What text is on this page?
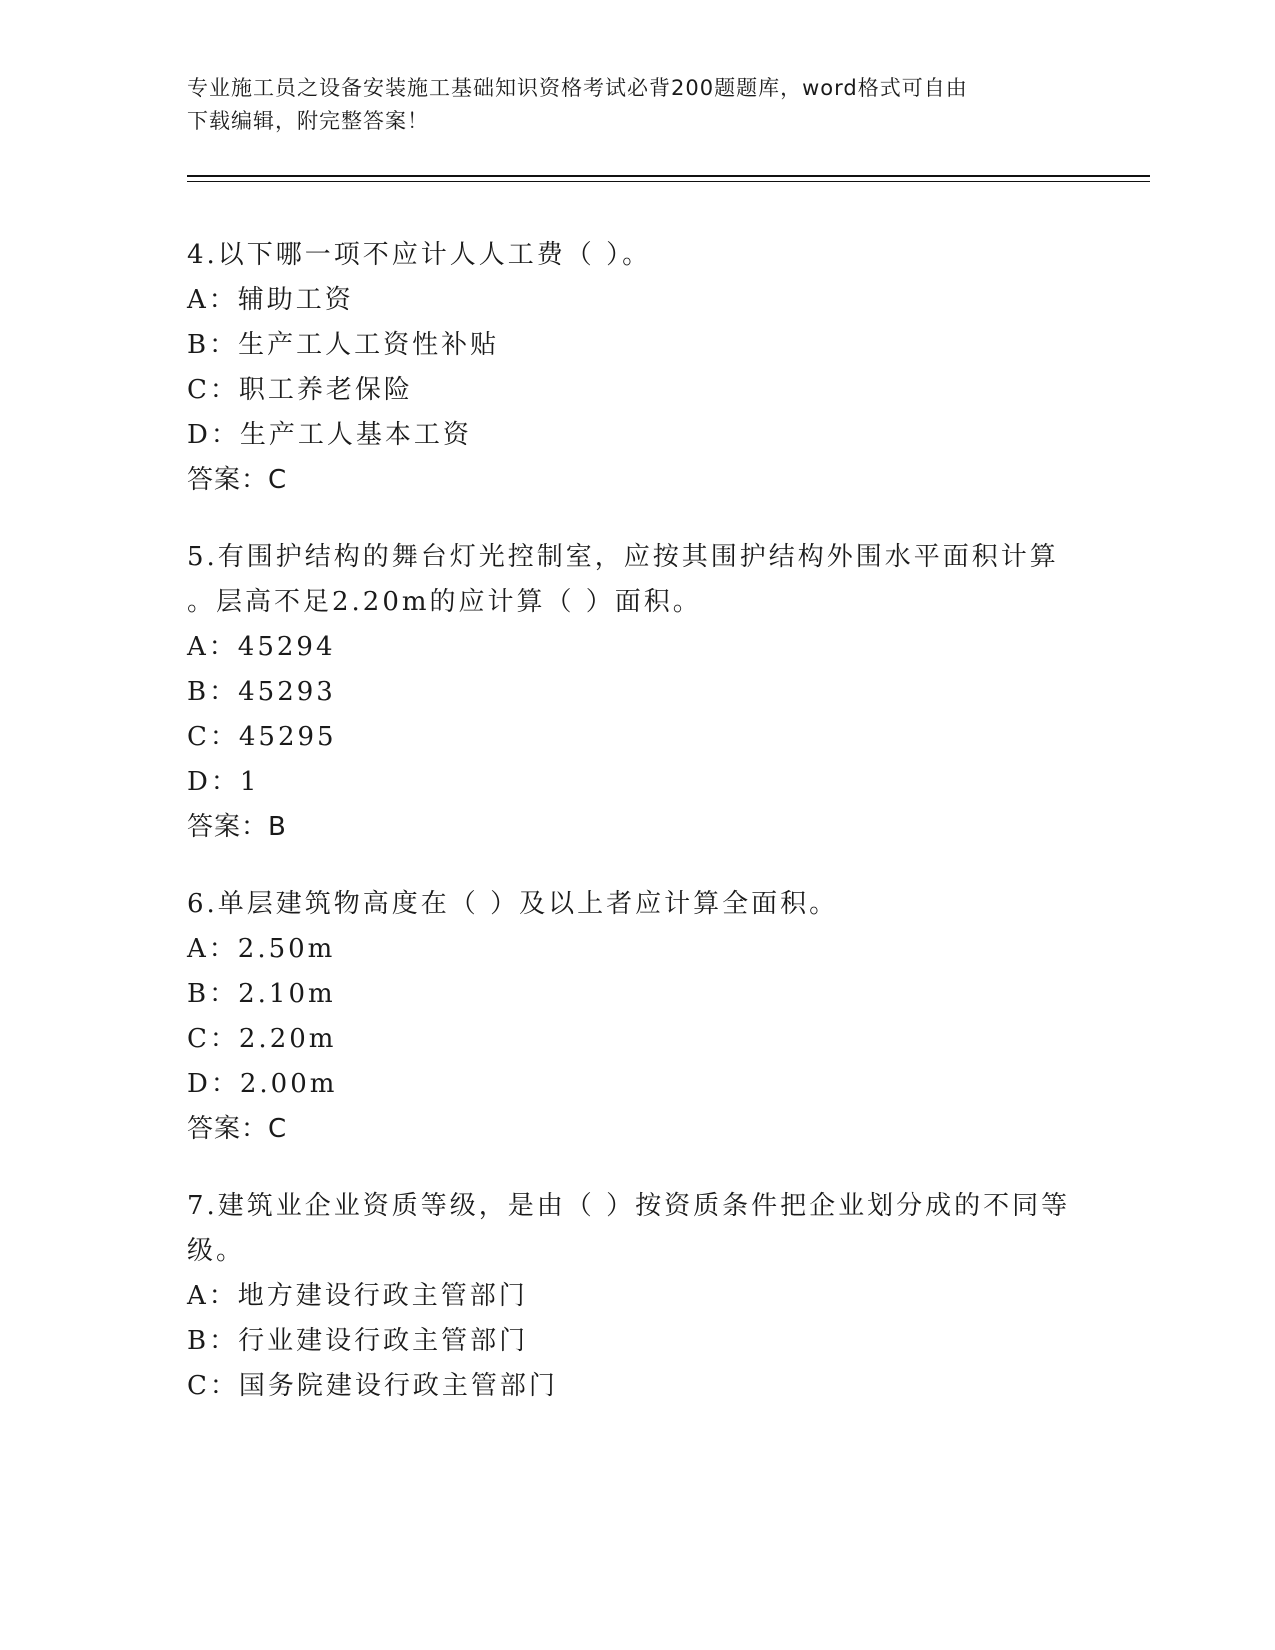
专业施工员之设备安装施工基础知识资格考试必背200题题库，word格式可自由
下载编辑，附完整答案！
4.以下哪一项不应计人人工费（ ）。
A：辅助工资
B：生产工人工资性补贴
C：职工养老保险
D：生产工人基本工资
答案：C
5.有围护结构的舞台灯光控制室，应按其围护结构外围水平面积计算
。层高不足2.20m的应计算（ ）面积。
A：45294
B：45293
C：45295
D：1
答案：B
6.单层建筑物高度在（ ）及以上者应计算全面积。
A：2.50m
B：2.10m
C：2.20m
D：2.00m
答案：C
7.建筑业企业资质等级，是由（ ）按资质条件把企业划分成的不同等
级。
A：地方建设行政主管部门
B：行业建设行政主管部门
C：国务院建设行政主管部门
